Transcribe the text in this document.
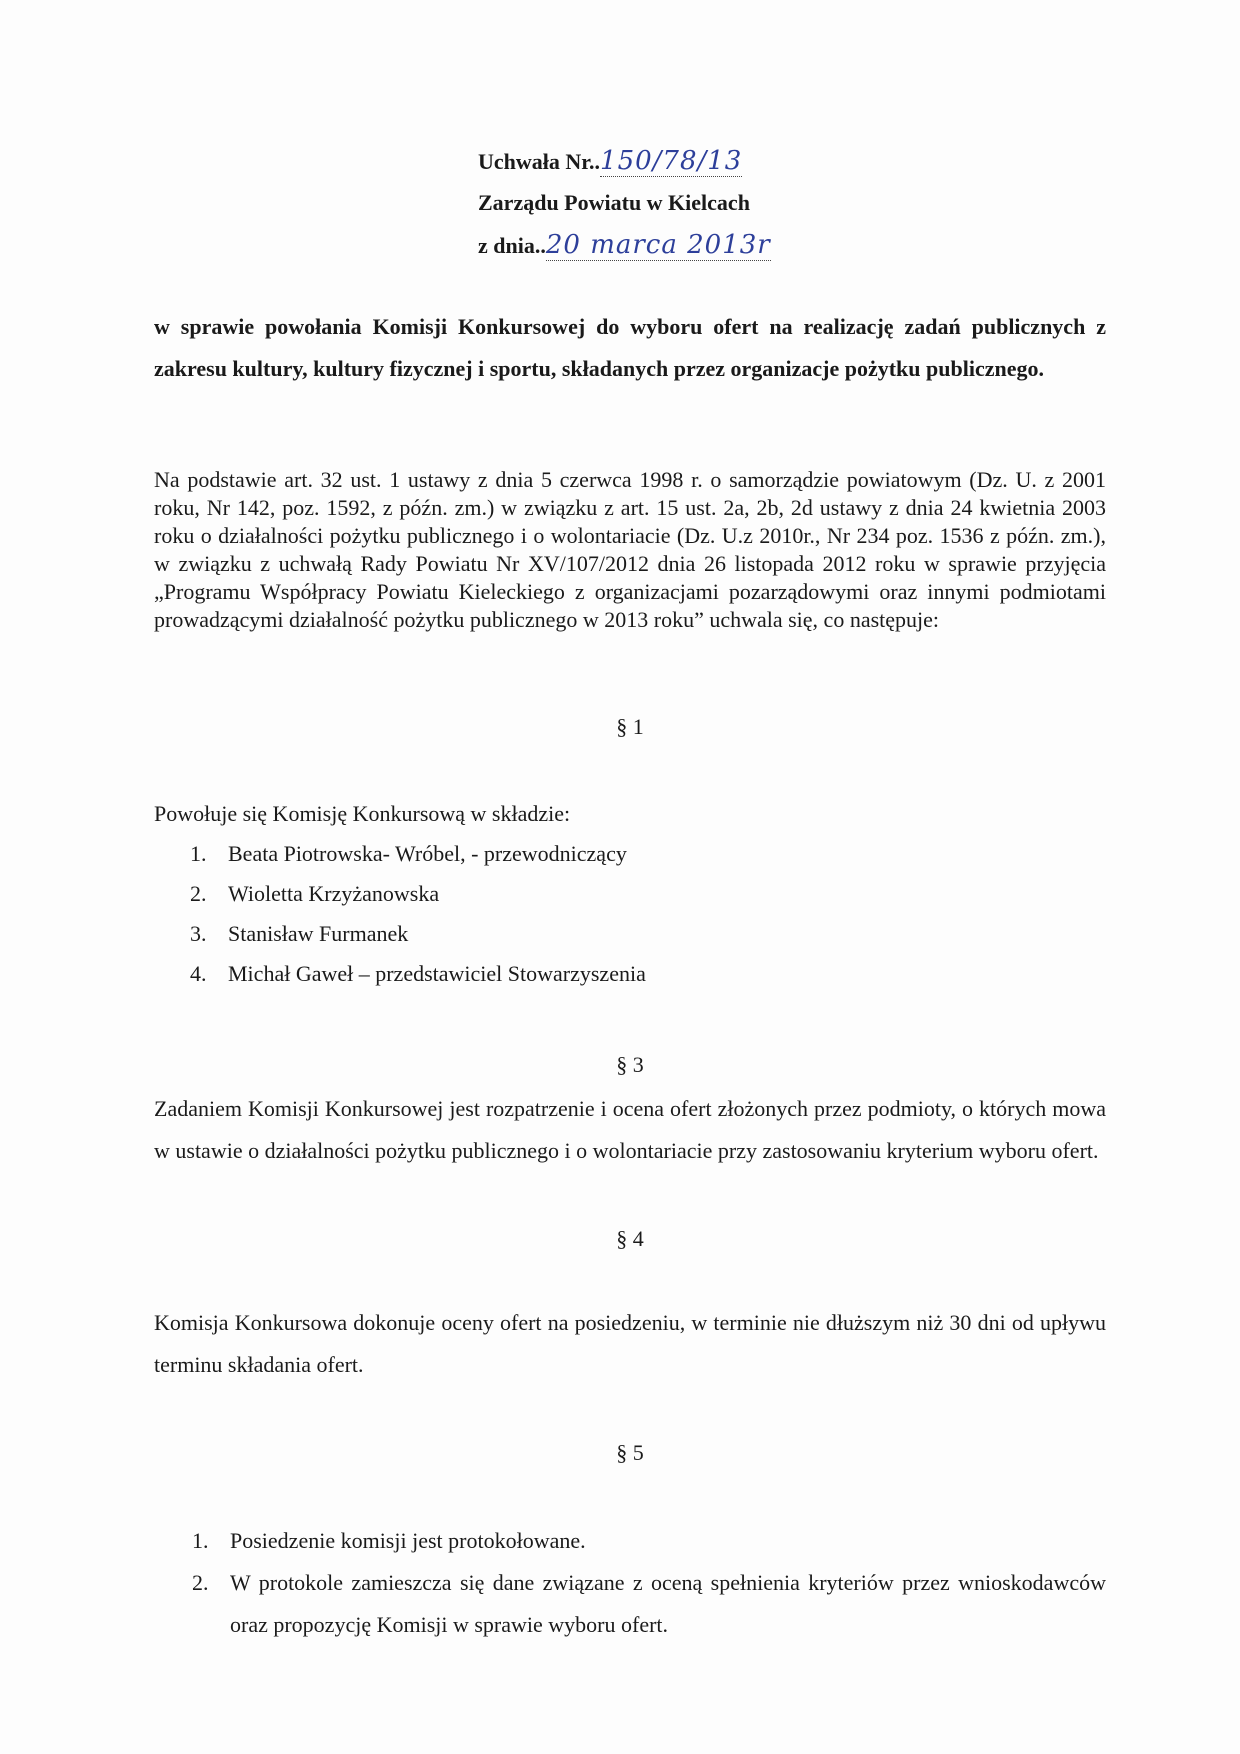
Uchwała Nr..150/78/13
Zarządu Powiatu w Kielcach
z dnia..20 marca 2013r
w sprawie powołania Komisji Konkursowej do wyboru ofert na realizację zadań publicznych z zakresu kultury, kultury fizycznej i sportu, składanych przez organizacje pożytku publicznego.
Na podstawie art. 32 ust. 1 ustawy z dnia 5 czerwca 1998 r. o samorządzie powiatowym (Dz. U. z 2001 roku, Nr 142, poz. 1592, z późn. zm.) w związku z art. 15 ust. 2a, 2b, 2d ustawy z dnia 24 kwietnia 2003 roku o działalności pożytku publicznego i o wolontariacie (Dz. U.z 2010r., Nr 234 poz. 1536 z późn. zm.), w związku z uchwałą Rady Powiatu Nr XV/107/2012 dnia 26 listopada 2012 roku w sprawie przyjęcia „Programu Współpracy Powiatu Kieleckiego z organizacjami pozarządowymi oraz innymi podmiotami prowadzącymi działalność pożytku publicznego w 2013 roku” uchwala się, co następuje:
§ 1
Powołuje się Komisję Konkursową w składzie:
1. Beata Piotrowska- Wróbel, - przewodniczący
2. Wioletta Krzyżanowska
3. Stanisław Furmanek
4. Michał Gaweł – przedstawiciel Stowarzyszenia
§ 3
Zadaniem Komisji Konkursowej jest rozpatrzenie i ocena ofert złożonych przez podmioty, o których mowa w ustawie o działalności pożytku publicznego i o wolontariacie przy zastosowaniu kryterium wyboru ofert.
§ 4
Komisja Konkursowa dokonuje oceny ofert na posiedzeniu, w terminie nie dłuższym niż 30 dni od upływu terminu składania ofert.
§ 5
1. Posiedzenie komisji jest protokołowane.
2. W protokole zamieszcza się dane związane z oceną spełnienia kryteriów przez wnioskodawców oraz propozycję Komisji w sprawie wyboru ofert.
